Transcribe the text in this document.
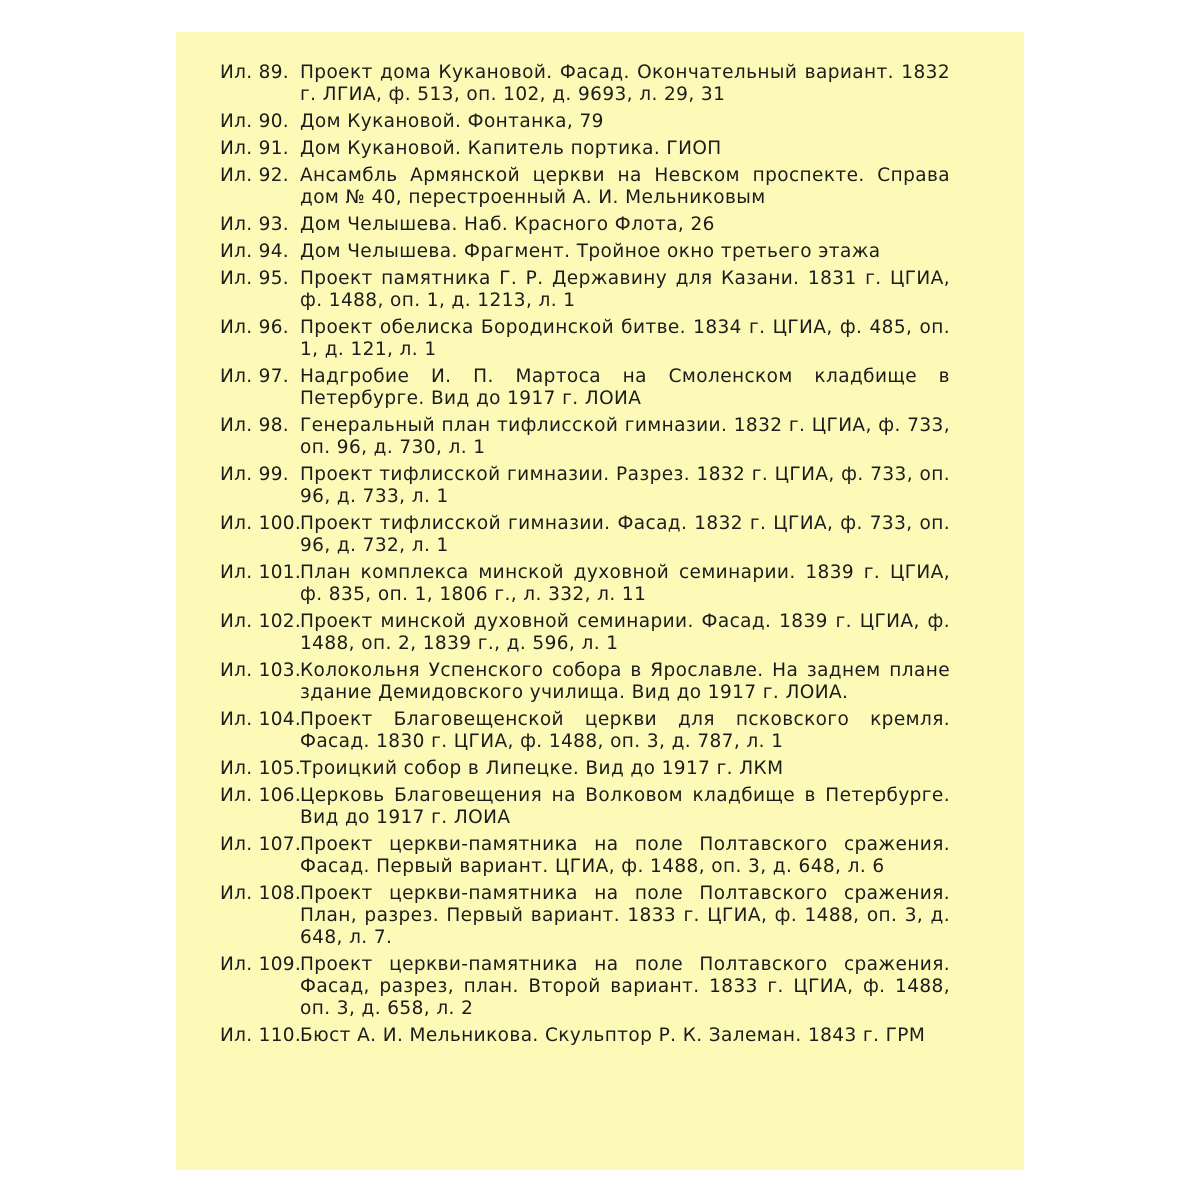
Ил. 89. Проект дома Кукановой. Фасад. Окончательный вариант. 1832 г. ЛГИА, ф. 513, оп. 102, д. 9693, л. 29, 31
Ил. 90. Дом Кукановой. Фонтанка, 79
Ил. 91. Дом Кукановой. Капитель портика. ГИОП
Ил. 92. Ансамбль Армянской церкви на Невском проспекте. Справа дом № 40, перестроенный А. И. Мельниковым
Ил. 93. Дом Челышева. Наб. Красного Флота, 26
Ил. 94. Дом Челышева. Фрагмент. Тройное окно третьего этажа
Ил. 95. Проект памятника Г. Р. Державину для Казани. 1831 г. ЦГИА, ф. 1488, оп. 1, д. 1213, л. 1
Ил. 96. Проект обелиска Бородинской битве. 1834 г. ЦГИА, ф. 485, оп. 1, д. 121, л. 1
Ил. 97. Надгробие И. П. Мартоса на Смоленском кладбище в Петербурге. Вид до 1917 г. ЛОИА
Ил. 98. Генеральный план тифлисской гимназии. 1832 г. ЦГИА, ф. 733, оп. 96, д. 730, л. 1
Ил. 99. Проект тифлисской гимназии. Разрез. 1832 г. ЦГИА, ф. 733, оп. 96, д. 733, л. 1
Ил. 100.
Проект тифлисской гимназии. Фасад. 1832 г. ЦГИА, ф. 733, оп. 96, д. 732, л. 1
Ил. 101.
План комплекса минской духовной семинарии. 1839 г. ЦГИА, ф. 835, оп. 1, 1806 г., л. 332, л. 11
Ил. 102.
Проект минской духовной семинарии. Фасад. 1839 г. ЦГИА, ф. 1488, оп. 2, 1839 г., д. 596, л. 1
Ил. 103.
Колокольня Успенского собора в Ярославле. На заднем плане здание Демидовского училища. Вид до 1917 г. ЛОИА.
Ил. 104.
Проект Благовещенской церкви для псковского кремля. Фасад. 1830 г. ЦГИА, ф. 1488, оп. 3, д. 787, л. 1
Ил. 105.
Троицкий собор в Липецке. Вид до 1917 г. ЛКМ
Ил. 106.
Церковь Благовещения на Волковом кладбище в Петербурге. Вид до 1917 г. ЛОИА
Ил. 107.
Проект церкви-памятника на поле Полтавского сражения. Фасад. Первый вариант. ЦГИА, ф. 1488, оп. 3, д. 648, л. 6
Ил. 108.
Проект церкви-памятника на поле Полтавского сражения. План, разрез. Первый вариант. 1833 г. ЦГИА, ф. 1488, оп. 3, д. 648, л. 7.
Ил. 109.
Проект церкви-памятника на поле Полтавского сражения. Фасад, разрез, план. Второй вариант. 1833 г. ЦГИА, ф. 1488, оп. 3, д. 658, л. 2
Ил. 110.
Бюст А. И. Мельникова. Скульптор Р. К. Залеман. 1843 г. ГРМ
